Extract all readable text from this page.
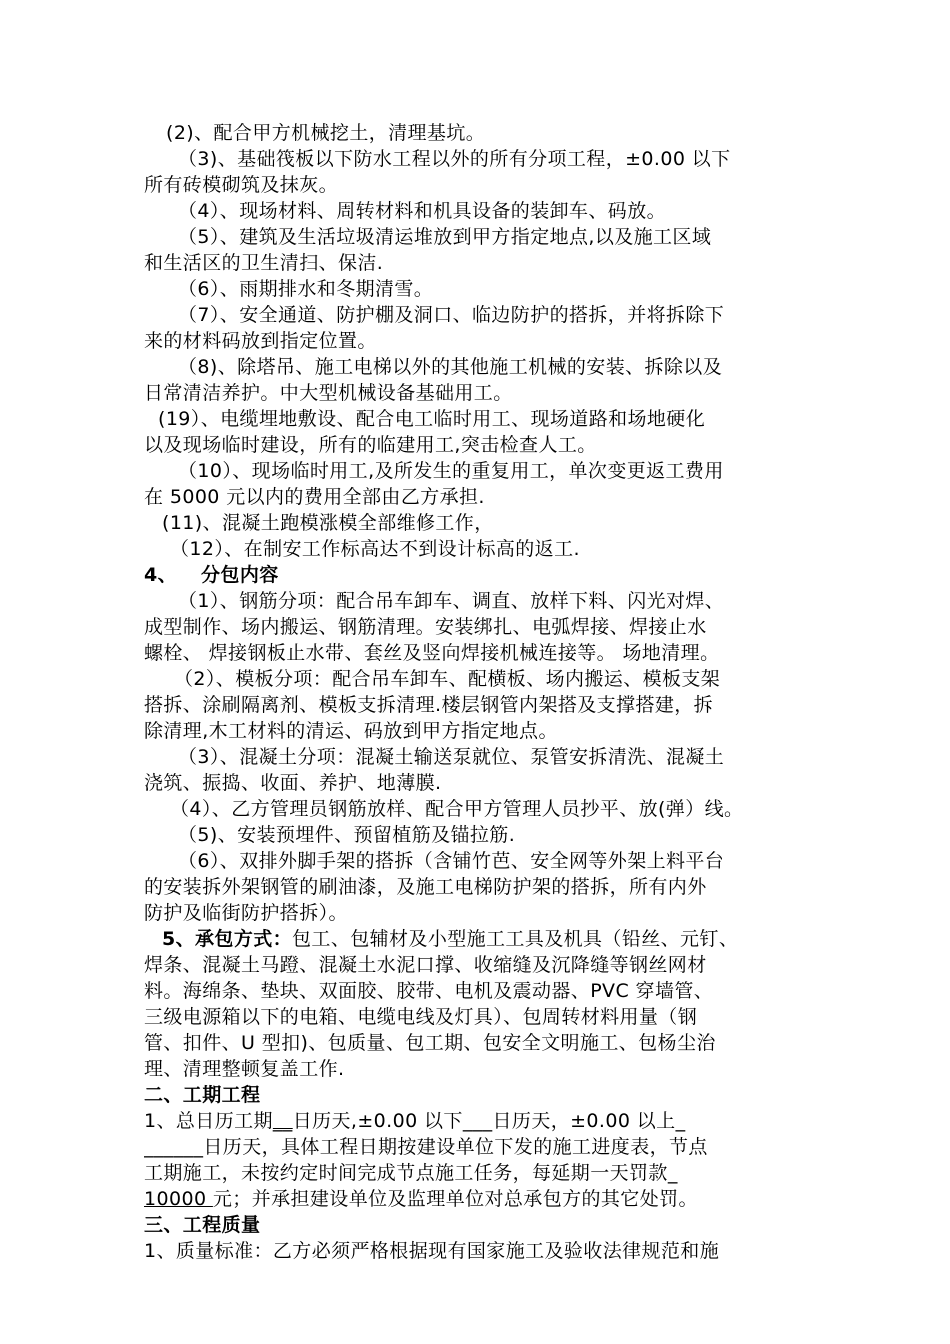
(2)、配合甲方机械挖土，清理基坑。
（3)、基础筏板以下防水工程以外的所有分项工程，±0.00 以下
所有砖模砌筑及抹灰。
（4）、现场材料、周转材料和机具设备的装卸车、码放。
（5）、建筑及生活垃圾清运堆放到甲方指定地点,以及施工区域
和生活区的卫生清扫、保洁.
（6）、雨期排水和冬期清雪。
（7）、安全通道、防护棚及洞口、临边防护的搭拆，并将拆除下
来的材料码放到指定位置。
（8)、除塔吊、施工电梯以外的其他施工机械的安装、拆除以及
日常清洁养护。中大型机械设备基础用工。
(19）、电缆埋地敷设、配合电工临时用工、现场道路和场地硬化
以及现场临时建设，所有的临建用工,突击检查人工。
（10）、现场临时用工,及所发生的重复用工，单次变更返工费用
在 5000 元以内的费用全部由乙方承担.
(11)、混凝土跑模涨模全部维修工作，
（12）、在制安工作标高达不到设计标高的返工.
4、 分包内容
（1）、钢筋分项：配合吊车卸车、调直、放样下料、闪光对焊、
成型制作、场内搬运、钢筋清理。安装绑扎、电弧焊接、焊接止水
螺栓、 焊接钢板止水带、套丝及竖向焊接机械连接等。 场地清理。
（2）、模板分项：配合吊车卸车、配横板、场内搬运、模板支架
搭拆、涂刷隔离剂、模板支拆清理.楼层钢管内架搭及支撑搭建，拆
除清理,木工材料的清运、码放到甲方指定地点。
（3）、混凝土分项：混凝土输送泵就位、泵管安拆清洗、混凝土
浇筑、振捣、收面、养护、地薄膜.
（4）、乙方管理员钢筋放样、配合甲方管理人员抄平、放(弹）线。
（5)、安装预埋件、预留植筋及锚拉筋.
（6）、双排外脚手架的搭拆（含铺竹芭、安全网等外架上料平台
的安装拆外架钢管的刷油漆，及施工电梯防护架的搭拆，所有内外
防护及临街防护搭拆）。
5、承包方式：包工、包辅材及小型施工工具及机具（铅丝、元钉、
焊条、混凝土马蹬、混凝土水泥口撑、收缩缝及沉降缝等钢丝网材
料。海绵条、垫块、双面胶、胶带、电机及震动器、PVC 穿墙管、
三级电源箱以下的电箱、电缆电线及灯具）、包周转材料用量（钢
管、扣件、U 型扣)、包质量、包工期、包安全文明施工、包杨尘治
理、清理整顿复盖工作.
二、工期工程
1、总日历工期__日历天,±0.00 以下___日历天，±0.00 以上_
______日历天，具体工程日期按建设单位下发的施工进度表，节点
工期施工，未按约定时间完成节点施工任务，每延期一天罚款_
10000 元；并承担建设单位及监理单位对总承包方的其它处罚。
三、工程质量
1、质量标准：乙方必须严格根据现有国家施工及验收法律规范和施
